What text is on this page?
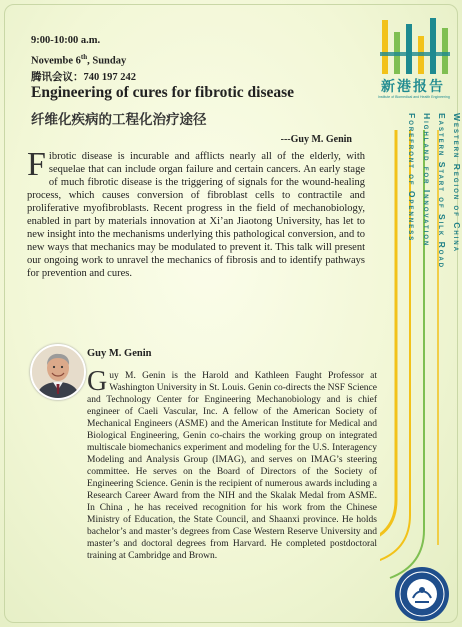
9:00-10:00 a.m.
Novembe 6th, Sunday
腾讯会议：740 197 242
Engineering of cures for fibrotic disease
纤维化疾病的工程化治疗途径
---Guy M. Genin
Fibrotic disease is incurable and afflicts nearly all of the elderly, with sequelae that can include organ failure and certain cancers. An early stage of much fibrotic disease is the triggering of signals for the wound-healing process, which causes conversion of fibroblast cells to contractile and proliferative myofibroblasts. Recent progress in the field of mechanobiology, enabled in part by materials innovation at Xi’an Jiaotong University, has let to new insight into the mechanisms underlying this pathological conversion, and to new ways that mechanics may be modulated to prevent it. This talk will present our ongoing work to unravel the mechanics of fibrosis and to identify pathways for prevention and cures.
Guy M. Genin
Guy M. Genin is the Harold and Kathleen Faught Professor at Washington University in St. Louis. Genin co-directs the NSF Science and Technology Center for Engineering Mechanobiology and is chief engineer of Caeli Vascular, Inc. A fellow of the American Society of Mechanical Engineers (ASME) and the American Institute for Medical and Biological Engineering, Genin co-chairs the working group on integrated multiscale biomechanics experiment and modeling for the U.S. Interagency Modeling and Analysis Group (IMAG), and serves on IMAG’s steering committee. He serves on the Board of Directors of the Society of Engineering Science. Genin is the recipient of numerous awards including a Research Career Award from the NIH and the Skalak Medal from ASME. In China , he has received recognition for his work from the Chinese Ministry of Education, the State Council, and Shaanxi province. He holds bachelor’s and master’s degrees from Case Western Reserve University and master’s and doctoral degrees from Harvard. He completed postdoctoral training at Cambridge and Brown.
新港报告
Institute of Biomedical and Health Engineering
Western Region of China
Eastern Start of Silk Road
Highland for Innovation
Forefront of Openness
